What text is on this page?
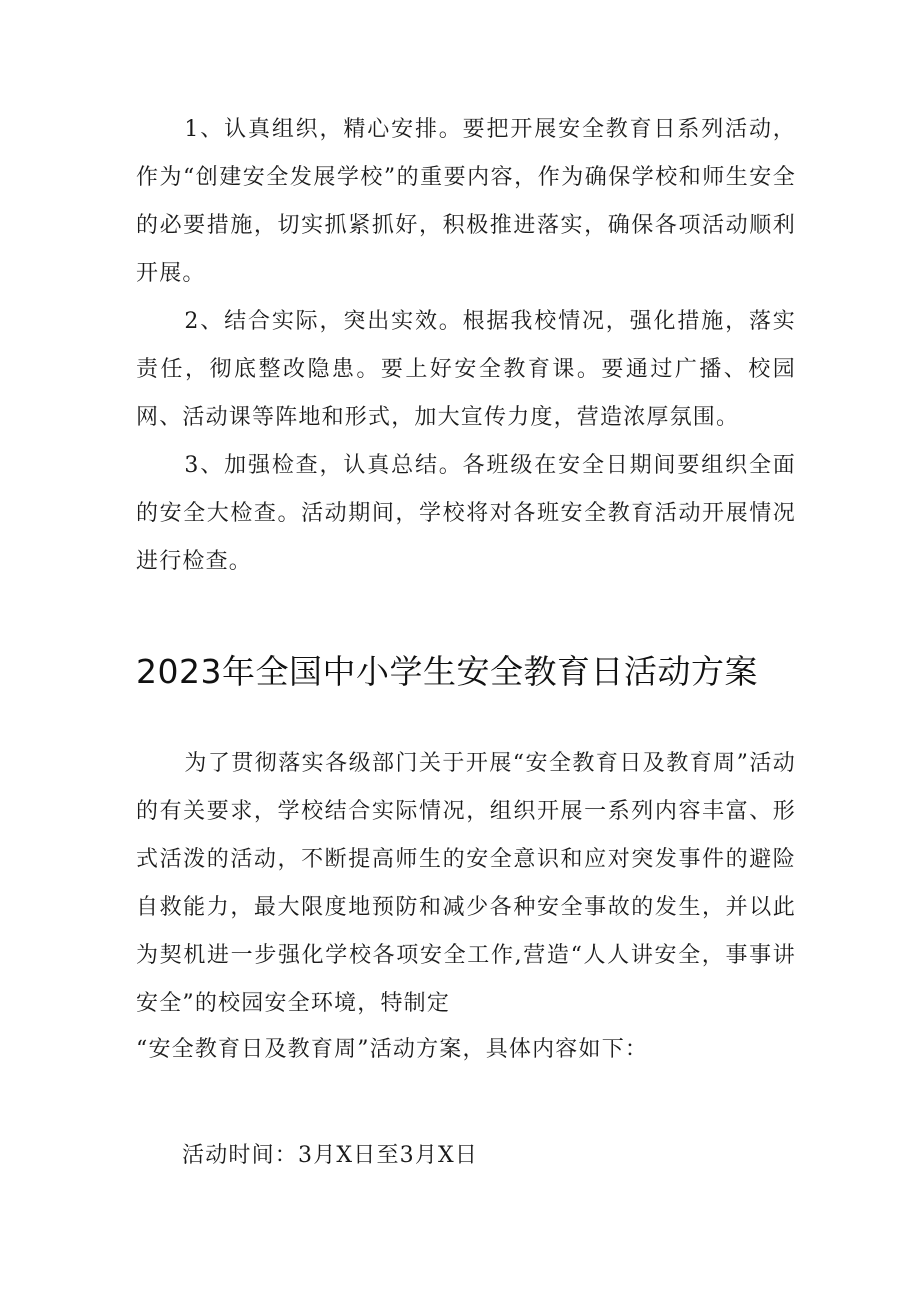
1、认真组织，精心安排。要把开展安全教育日系列活动，作为“创建安全发展学校”的重要内容，作为确保学校和师生安全的必要措施，切实抓紧抓好，积极推进落实，确保各项活动顺利开展。

2、结合实际，突出实效。根据我校情况，强化措施，落实责任，彻底整改隐患。要上好安全教育课。要通过广播、校园网、活动课等阵地和形式，加大宣传力度，营造浓厚氛围。

3、加强检查，认真总结。各班级在安全日期间要组织全面的安全大检查。活动期间，学校将对各班安全教育活动开展情况进行检查。

2023年全国中小学生安全教育日活动方案

为了贯彻落实各级部门关于开展“安全教育日及教育周”活动的有关要求，学校结合实际情况，组织开展一系列内容丰富、形式活泼的活动，不断提高师生的安全意识和应对突发事件的避险自救能力，最大限度地预防和减少各种安全事故的发生，并以此为契机进一步强化学校各项安全工作,营造“人人讲安全，事事讲安全”的校园安全环境，特制定

“安全教育日及教育周”活动方案，具体内容如下：

活动时间：3月X日至3月X日
